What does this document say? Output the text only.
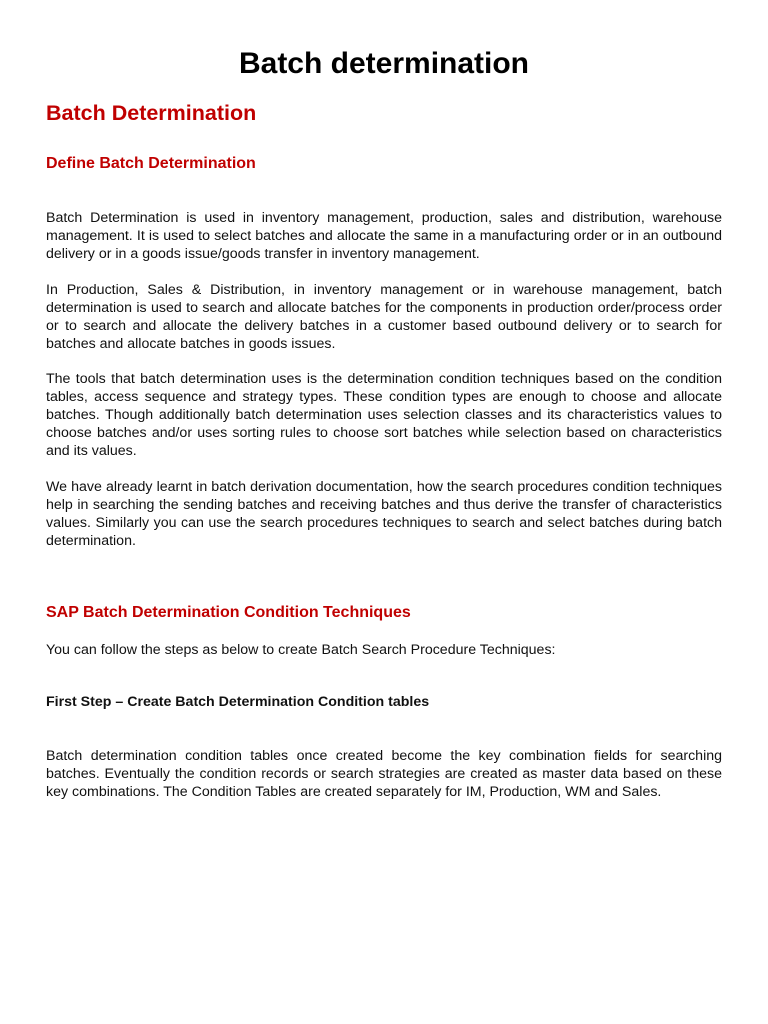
Batch determination
Batch Determination
Define Batch Determination

Batch Determination is used in inventory management, production, sales and distribution, warehouse management. It is used to select batches and allocate the same in a manufacturing order or in an outbound delivery or in a goods issue/goods transfer in inventory management.

In Production, Sales & Distribution, in inventory management or in warehouse management, batch determination is used to search and allocate batches for the components in production order/process order or to search and allocate the delivery batches in a customer based outbound delivery or to search for batches and allocate batches in goods issues.

The tools that batch determination uses is the determination condition techniques based on the condition tables, access sequence and strategy types. These condition types are enough to choose and allocate batches. Though additionally batch determination uses selection classes and its characteristics values to choose batches and/or uses sorting rules to choose sort batches while selection based on characteristics and its values.

We have already learnt in batch derivation documentation, how the search procedures condition techniques help in searching the sending batches and receiving batches and thus derive the transfer of characteristics values. Similarly you can use the search procedures techniques to search and select batches during batch determination.

SAP Batch Determination Condition Techniques

You can follow the steps as below to create Batch Search Procedure Techniques:

First Step – Create Batch Determination Condition tables

Batch determination condition tables once created become the key combination fields for searching batches. Eventually the condition records or search strategies are created as master data based on these key combinations. The Condition Tables are created separately for IM, Production, WM and Sales.
